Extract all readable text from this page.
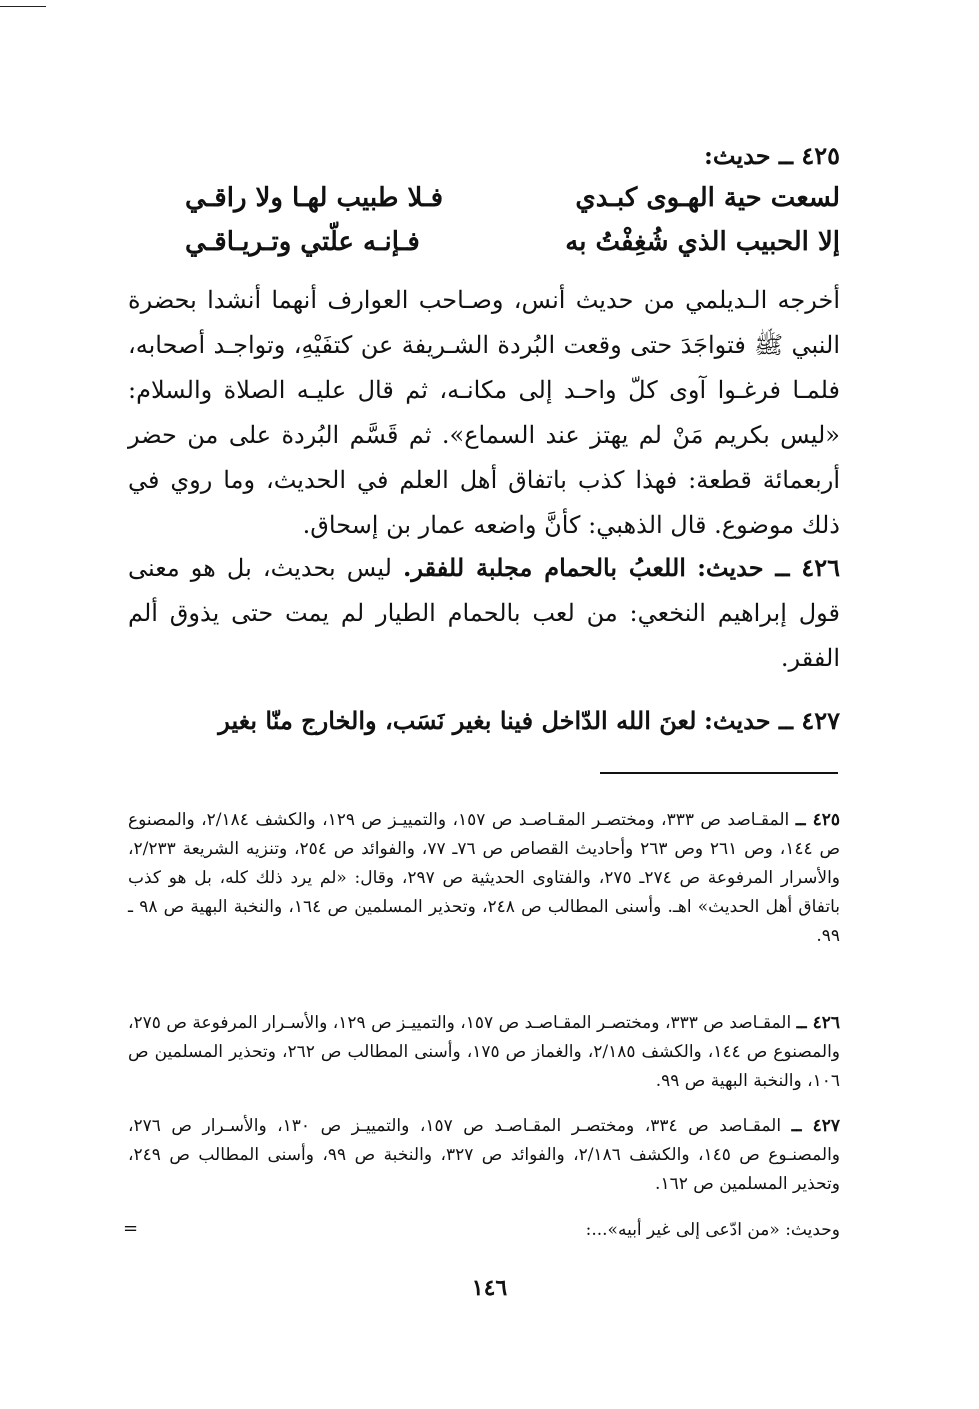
٤٢٥ ــ حديث:
لسعت حية الهـوى كبـدي
فـلا طبيب لهـا ولا راقـي
إلا الحبيب الذي شُغِفْتُ به
فـإنـه علّتي وتـريـاقـي
أخرجه الـديلمي من حديث أنس، وصـاحب العوارف أنهما أنشدا بحضرة النبي ﷺ فتواجَدَ حتى وقعت البُردة الشـريفة عن كتفَيْهِ، وتواجـد أصحابه، فلمـا فرغـوا آوى كلّ واحـد إلى مكانـه، ثم قال عليـه الصلاة والسلام: «ليس بكريم مَنْ لم يهتز عند السماع». ثم قَسَّم البُردة على من حضر أربعمائة قطعة: فهذا كذب باتفاق أهل العلم في الحديث، وما روي في ذلك موضوع. قال الذهبي: كأنَّ واضعه عمار بن إسحاق.
٤٢٦ ــ حديث: اللعبُ بالحمام مجلبة للفقر. ليس بحديث، بل هو معنى قول إبراهيم النخعي: من لعب بالحمام الطيار لم يمت حتى يذوق ألم الفقر.
٤٢٧ ــ حديث: لعنَ الله الدّاخل فينا بغير نَسَب، والخارج منّا بغير
٤٢٥ ــ المقـاصد ص ٣٣٣، ومختصـر المقـاصـد ص ١٥٧، والتمييـز ص ١٢٩، والكشف ٢/١٨٤، والمصنوع ص ١٤٤، وص ٢٦١ وص ٢٦٣ وأحاديث القصاص ص ٧٦ـ ٧٧، والفوائد ص ٢٥٤، وتنزيه الشريعة ٢/٢٣٣، والأسرار المرفوعة ص ٢٧٤ـ ٢٧٥، والفتاوى الحديثية ص ٢٩٧، وقال: «لم يرد ذلك كله، بل هو كذب باتفاق أهل الحديث» اهـ. وأسنى المطالب ص ٢٤٨، وتحذير المسلمين ص ١٦٤، والنخبة البهية ص ٩٨ ـ ٩٩.
٤٢٦ ــ المقـاصد ص ٣٣٣، ومختصـر المقـاصـد ص ١٥٧، والتمييـز ص ١٢٩، والأسـرار المرفوعة ص ٢٧٥، والمصنوع ص ١٤٤، والكشف ٢/١٨٥، والغماز ص ١٧٥، وأسنى المطالب ص ٢٦٢، وتحذير المسلمين ص ١٠٦، والنخبة البهية ص ٩٩.
٤٢٧ ــ المقـاصد ص ٣٣٤، ومختصـر المقـاصـد ص ١٥٧، والتمييـز ص ١٣٠، والأسـرار ص ٢٧٦، والمصنـوع ص ١٤٥، والكشف ٢/١٨٦، والفوائد ص ٣٢٧، والنخبة ص ٩٩، وأسنى المطالب ص ٢٤٩، وتحذير المسلمين ص ١٦٢.
وحديث: «من ادّعى إلى غير أبيه»...:
=
١٤٦
